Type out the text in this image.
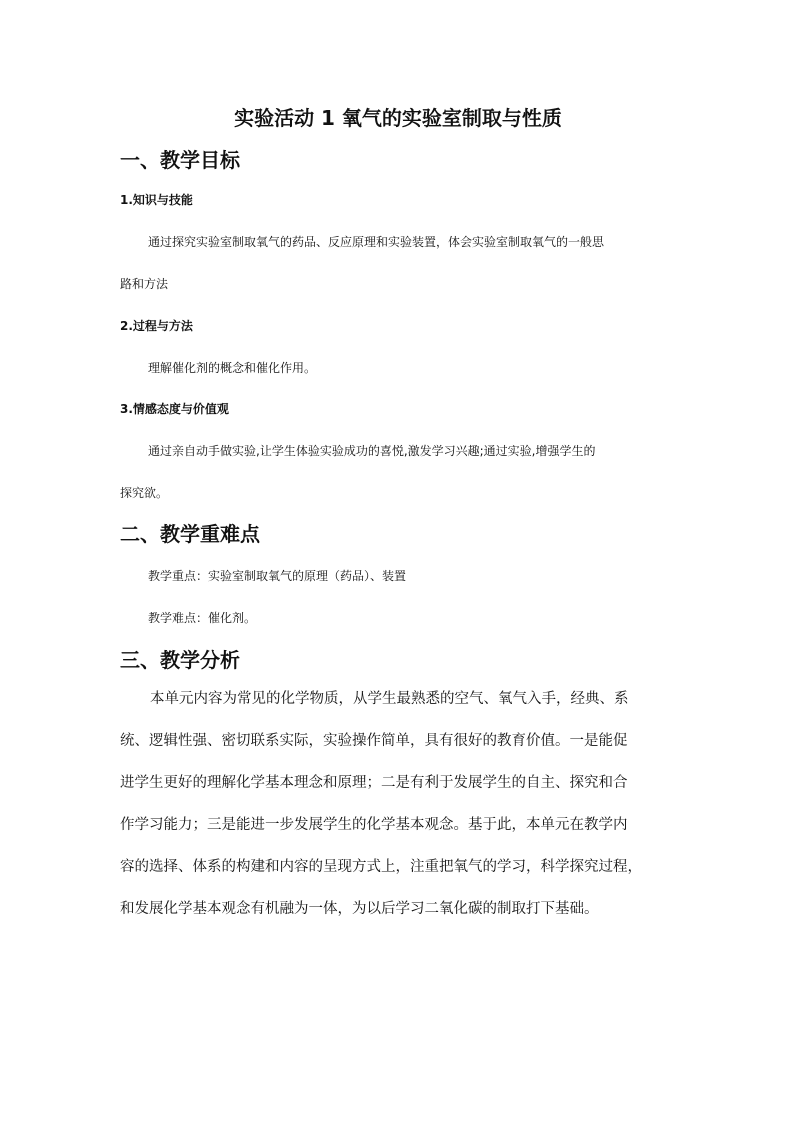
实验活动 1 氧气的实验室制取与性质
一、教学目标
1.知识与技能
通过探究实验室制取氧气的药品、反应原理和实验装置，体会实验室制取氧气的一般思
路和方法
2.过程与方法
理解催化剂的概念和催化作用。
3.情感态度与价值观
通过亲自动手做实验,让学生体验实验成功的喜悦,激发学习兴趣;通过实验,增强学生的
探究欲。
二、教学重难点
教学重点：实验室制取氧气的原理（药品）、装置
教学难点：催化剂。
三、教学分析
本单元内容为常见的化学物质，从学生最熟悉的空气、氧气入手，经典、系
统、逻辑性强、密切联系实际，实验操作简单，具有很好的教育价值。一是能促
进学生更好的理解化学基本理念和原理；二是有利于发展学生的自主、探究和合
作学习能力；三是能进一步发展学生的化学基本观念。基于此，本单元在教学内
容的选择、体系的构建和内容的呈现方式上，注重把氧气的学习，科学探究过程，
和发展化学基本观念有机融为一体，为以后学习二氧化碳的制取打下基础。
